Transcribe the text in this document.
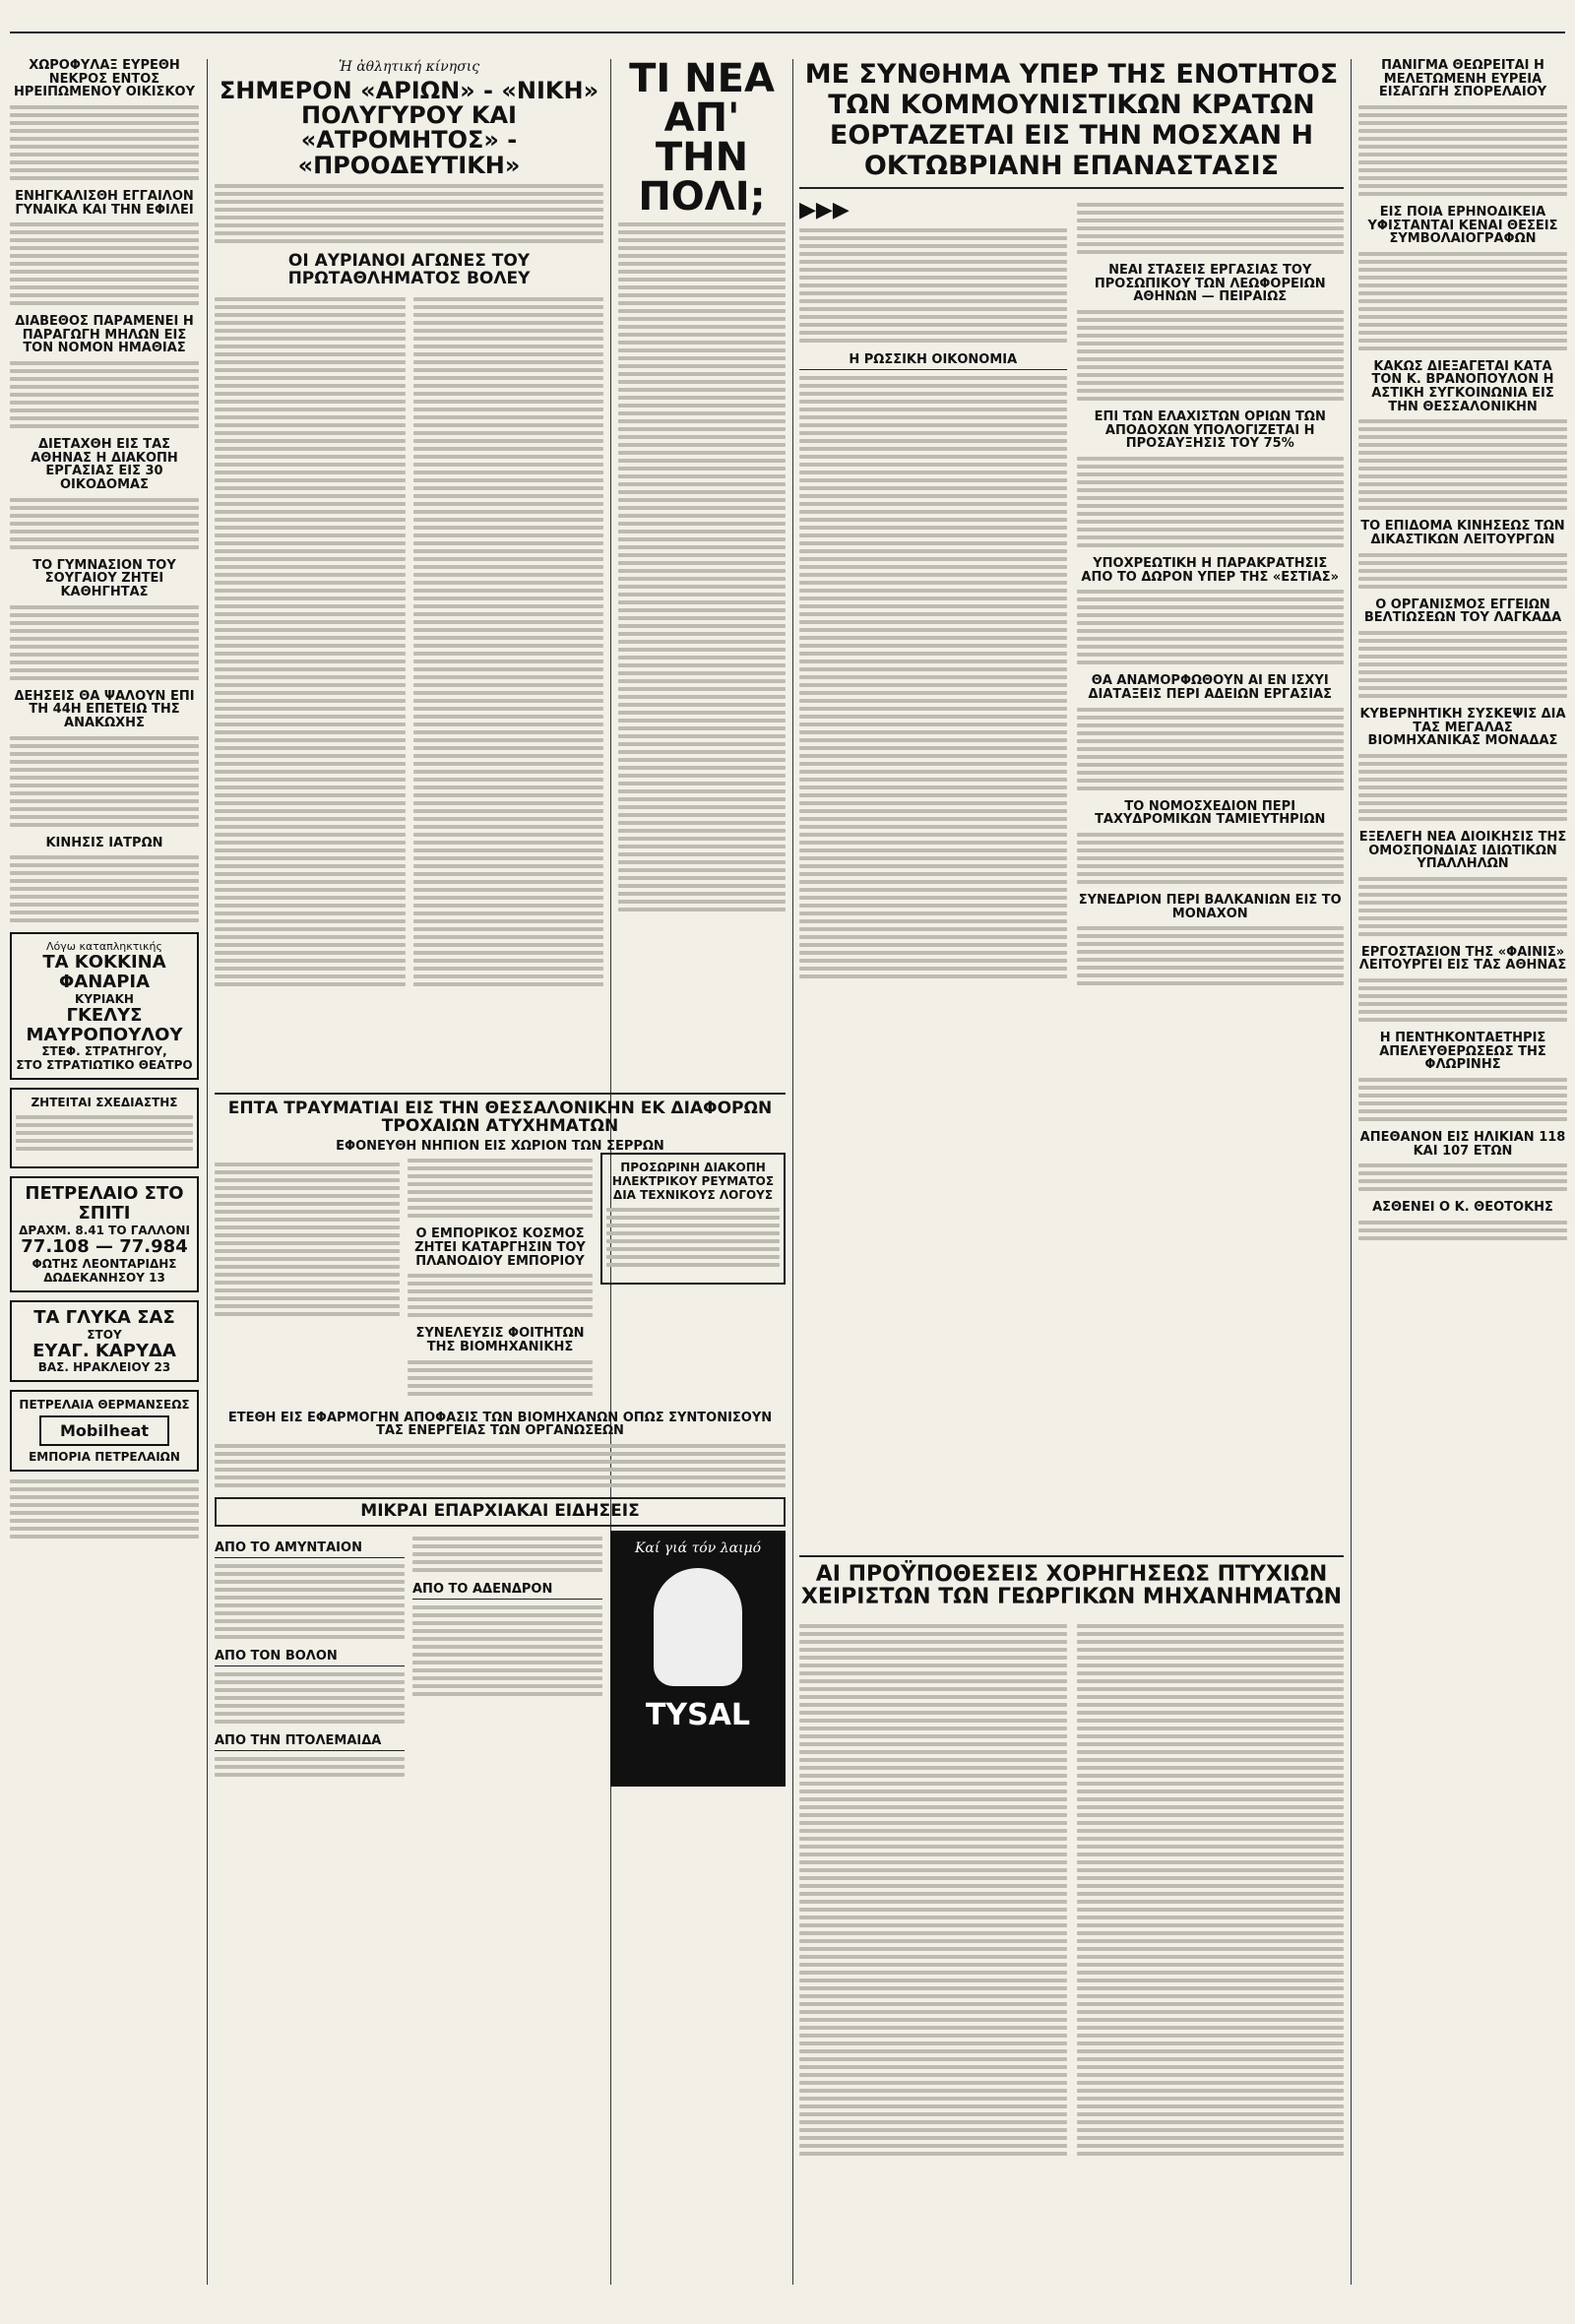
ΧΩΡΟΦΥΛΑΞ ΕΥΡΕΘΗ ΝΕΚΡΟΣ ΕΝΤΟΣ ΗΡΕΙΠΩΜΕΝΟΥ ΟΙΚΙΣΚΟΥ
ΕΝΗΓΚΑΛΙΣΘΗ ΕΓΓΑΙΛΟΝ ΓΥΝΑΙΚΑ ΚΑΙ ΤΗΝ ΕΦΙΛΕΙ
ΔΙΑΒΕΘΟΣ ΠΑΡΑΜΕΝΕΙ Η ΠΑΡΑΓΩΓΗ ΜΗΛΩΝ ΕΙΣ ΤΟΝ ΝΟΜΟΝ ΗΜΑΘΙΑΣ
ΔΙΕΤΑΧΘΗ ΕΙΣ ΤΑΣ ΑΘΗΝΑΣ Η ΔΙΑΚΟΠΗ ΕΡΓΑΣΙΑΣ ΕΙΣ 30 ΟΙΚΟΔΟΜΑΣ
ΤΟ ΓΥΜΝΑΣΙΟΝ ΤΟΥ ΣΟΥΓΑΙΟΥ ΖΗΤΕΙ ΚΑΘΗΓΗΤΑΣ
ΔΕΗΣΕΙΣ ΘΑ ΨΑΛΟΥΝ ΕΠΙ ΤΗ 44Η ΕΠΕΤΕΙΩ ΤΗΣ ΑΝΑΚΩΧΗΣ
ΚΙΝΗΣΙΣ ΙΑΤΡΩΝ
Λόγω καταπληκτικής
ΤΑ ΚΟΚΚΙΝΑ ΦΑΝΑΡΙΑ
ΚΥΡΙΑΚΗ
ΓΚΕΛΥΣ ΜΑΥΡΟΠΟΥΛΟΥ
ΣΤΕΦ. ΣΤΡΑΤΗΓΟΥ,
ΣΤΟ ΣΤΡΑΤΙΩΤΙΚΟ ΘΕΑΤΡΟ
ΖΗΤΕΙΤΑΙ ΣΧΕΔΙΑΣΤΗΣ
ΠΕΤΡΕΛΑΙΟ ΣΤΟ ΣΠΙΤΙ
ΔΡΑΧΜ. 8.41 ΤΟ ΓΑΛΛΟΝΙ
77.108 — 77.984
ΦΩΤΗΣ ΛΕΟΝΤΑΡΙΔΗΣ
ΔΩΔΕΚΑΝΗΣΟΥ 13
ΤΑ ΓΛΥΚΑ ΣΑΣ
ΣΤΟΥ
ΕΥΑΓ. ΚΑΡΥΔΑ
ΒΑΣ. ΗΡΑΚΛΕΙΟΥ 23
ΠΕΤΡΕΛΑΙΑ ΘΕΡΜΑΝΣΕΩΣ
Mobilheat
ΕΜΠΟΡΙΑ ΠΕΤΡΕΛΑΙΩΝ
Ἡ ἀθλητική κίνησις
ΣΗΜΕΡΟΝ «ΑΡΙΩΝ» - «ΝΙΚΗ» ΠΟΛΥΓΥΡΟΥ ΚΑΙ «ΑΤΡΟΜΗΤΟΣ» - «ΠΡΟΟΔΕΥΤΙΚΗ»
ΟΙ ΑΥΡΙΑΝΟΙ ΑΓΩΝΕΣ ΤΟΥ ΠΡΩΤΑΘΛΗΜΑΤΟΣ ΒΟΛΕΥ
ΤΙ ΝΕΑ ΑΠ' ΤΗΝ ΠΟΛΙ;
ΜΕ ΣΥΝΘΗΜΑ ΥΠΕΡ ΤΗΣ ΕΝΟΤΗΤΟΣ ΤΩΝ ΚΟΜΜΟΥΝΙΣΤΙΚΩΝ ΚΡΑΤΩΝ ΕΟΡΤΑΖΕΤΑΙ ΕΙΣ ΤΗΝ ΜΟΣΧΑΝ Η ΟΚΤΩΒΡΙΑΝΗ ΕΠΑΝΑΣΤΑΣΙΣ
▶▶▶
Η ΡΩΣΣΙΚΗ ΟΙΚΟΝΟΜΙΑ
ΝΕΑΙ ΣΤΑΣΕΙΣ ΕΡΓΑΣΙΑΣ ΤΟΥ ΠΡΟΣΩΠΙΚΟΥ ΤΩΝ ΛΕΩΦΟΡΕΙΩΝ ΑΘΗΝΩΝ — ΠΕΙΡΑΙΩΣ
ΕΠΙ ΤΩΝ ΕΛΑΧΙΣΤΩΝ ΟΡΙΩΝ ΤΩΝ ΑΠΟΔΟΧΩΝ ΥΠΟΛΟΓΙΖΕΤΑΙ Η ΠΡΟΣΑΥΞΗΣΙΣ ΤΟΥ 75%
ΥΠΟΧΡΕΩΤΙΚΗ Η ΠΑΡΑΚΡΑΤΗΣΙΣ ΑΠΟ ΤΟ ΔΩΡΟΝ ΥΠΕΡ ΤΗΣ «ΕΣΤΙΑΣ»
ΘΑ ΑΝΑΜΟΡΦΩΘΟΥΝ ΑΙ ΕΝ ΙΣΧΥΙ ΔΙΑΤΑΞΕΙΣ ΠΕΡΙ ΑΔΕΙΩΝ ΕΡΓΑΣΙΑΣ
ΤΟ ΝΟΜΟΣΧΕΔΙΟΝ ΠΕΡΙ ΤΑΧΥΔΡΟΜΙΚΩΝ ΤΑΜΙΕΥΤΗΡΙΩΝ
ΣΥΝΕΔΡΙΟΝ ΠΕΡΙ ΒΑΛΚΑΝΙΩΝ ΕΙΣ ΤΟ ΜΟΝΑΧΟΝ
ΠΑΝΙΓΜΑ ΘΕΩΡΕΙΤΑΙ Η ΜΕΛΕΤΩΜΕΝΗ ΕΥΡΕΙΑ ΕΙΣΑΓΩΓΗ ΣΠΟΡΕΛΑΙΟΥ
ΕΙΣ ΠΟΙΑ ΕΡΗΝΟΔΙΚΕΙΑ ΥΦΙΣΤΑΝΤΑΙ ΚΕΝΑΙ ΘΕΣΕΙΣ ΣΥΜΒΟΛΑΙΟΓΡΑΦΩΝ
ΚΑΚΩΣ ΔΙΕΞΑΓΕΤΑΙ ΚΑΤΑ ΤΟΝ Κ. ΒΡΑΝΟΠΟΥΛΟΝ Η ΑΣΤΙΚΗ ΣΥΓΚΟΙΝΩΝΙΑ ΕΙΣ ΤΗΝ ΘΕΣΣΑΛΟΝΙΚΗΝ
ΤΟ ΕΠΙΔΟΜΑ ΚΙΝΗΣΕΩΣ ΤΩΝ ΔΙΚΑΣΤΙΚΩΝ ΛΕΙΤΟΥΡΓΩΝ
Ο ΟΡΓΑΝΙΣΜΟΣ ΕΓΓΕΙΩΝ ΒΕΛΤΙΩΣΕΩΝ ΤΟΥ ΛΑΓΚΑΔΑ
ΚΥΒΕΡΝΗΤΙΚΗ ΣΥΣΚΕΨΙΣ ΔΙΑ ΤΑΣ ΜΕΓΑΛΑΣ ΒΙΟΜΗΧΑΝΙΚΑΣ ΜΟΝΑΔΑΣ
ΕΞΕΛΕΓΗ ΝΕΑ ΔΙΟΙΚΗΣΙΣ ΤΗΣ ΟΜΟΣΠΟΝΔΙΑΣ ΙΔΙΩΤΙΚΩΝ ΥΠΑΛΛΗΛΩΝ
ΕΡΓΟΣΤΑΣΙΟΝ ΤΗΣ «ΦΑΙΝΙΣ» ΛΕΙΤΟΥΡΓΕΙ ΕΙΣ ΤΑΣ ΑΘΗΝΑΣ
Η ΠΕΝΤΗΚΟΝΤΑΕΤΗΡΙΣ ΑΠΕΛΕΥΘΕΡΩΣΕΩΣ ΤΗΣ ΦΛΩΡΙΝΗΣ
ΑΠΕΘΑΝΟΝ ΕΙΣ ΗΛΙΚΙΑΝ 118 ΚΑΙ 107 ΕΤΩΝ
ΑΣΘΕΝΕΙ Ο Κ. ΘΕΟΤΟΚΗΣ
ΕΠΤΑ ΤΡΑΥΜΑΤΙΑΙ ΕΙΣ ΤΗΝ ΘΕΣΣΑΛΟΝΙΚΗΝ ΕΚ ΔΙΑΦΟΡΩΝ ΤΡΟΧΑΙΩΝ ΑΤΥΧΗΜΑΤΩΝ
ΕΦΟΝΕΥΘΗ ΝΗΠΙΟΝ ΕΙΣ ΧΩΡΙΟΝ ΤΩΝ ΣΕΡΡΩΝ
Ο ΕΜΠΟΡΙΚΟΣ ΚΟΣΜΟΣ ΖΗΤΕΙ ΚΑΤΑΡΓΗΣΙΝ ΤΟΥ ΠΛΑΝΟΔΙΟΥ ΕΜΠΟΡΙΟΥ
ΣΥΝΕΛΕΥΣΙΣ ΦΟΙΤΗΤΩΝ ΤΗΣ ΒΙΟΜΗΧΑΝΙΚΗΣ
ΠΡΟΣΩΡΙΝΗ ΔΙΑΚΟΠΗ ΗΛΕΚΤΡΙΚΟΥ ΡΕΥΜΑΤΟΣ ΔΙΑ ΤΕΧΝΙΚΟΥΣ ΛΟΓΟΥΣ
ΕΤΕΘΗ ΕΙΣ ΕΦΑΡΜΟΓΗΝ ΑΠΟΦΑΣΙΣ ΤΩΝ ΒΙΟΜΗΧΑΝΩΝ ΟΠΩΣ ΣΥΝΤΟΝΙΣΟΥΝ ΤΑΣ ΕΝΕΡΓΕΙΑΣ ΤΩΝ ΟΡΓΑΝΩΣΕΩΝ
ΜΙΚΡΑΙ ΕΠΑΡΧΙΑΚΑΙ ΕΙΔΗΣΕΙΣ
ΑΠΟ ΤΟ ΑΜΥΝΤΑΙΟΝ
ΑΠΟ ΤΟΝ ΒΟΛΟΝ
ΑΠΟ ΤΗΝ ΠΤΟΛΕΜΑΙΔΑ
ΑΠΟ ΤΟ ΑΔΕΝΔΡΟΝ
Καί γιά τόν λαιμό
TYSAL
ΑΙ ΠΡΟΫΠΟΘΕΣΕΙΣ ΧΟΡΗΓΗΣΕΩΣ ΠΤΥΧΙΩΝ ΧΕΙΡΙΣΤΩΝ ΤΩΝ ΓΕΩΡΓΙΚΩΝ ΜΗΧΑΝΗΜΑΤΩΝ
